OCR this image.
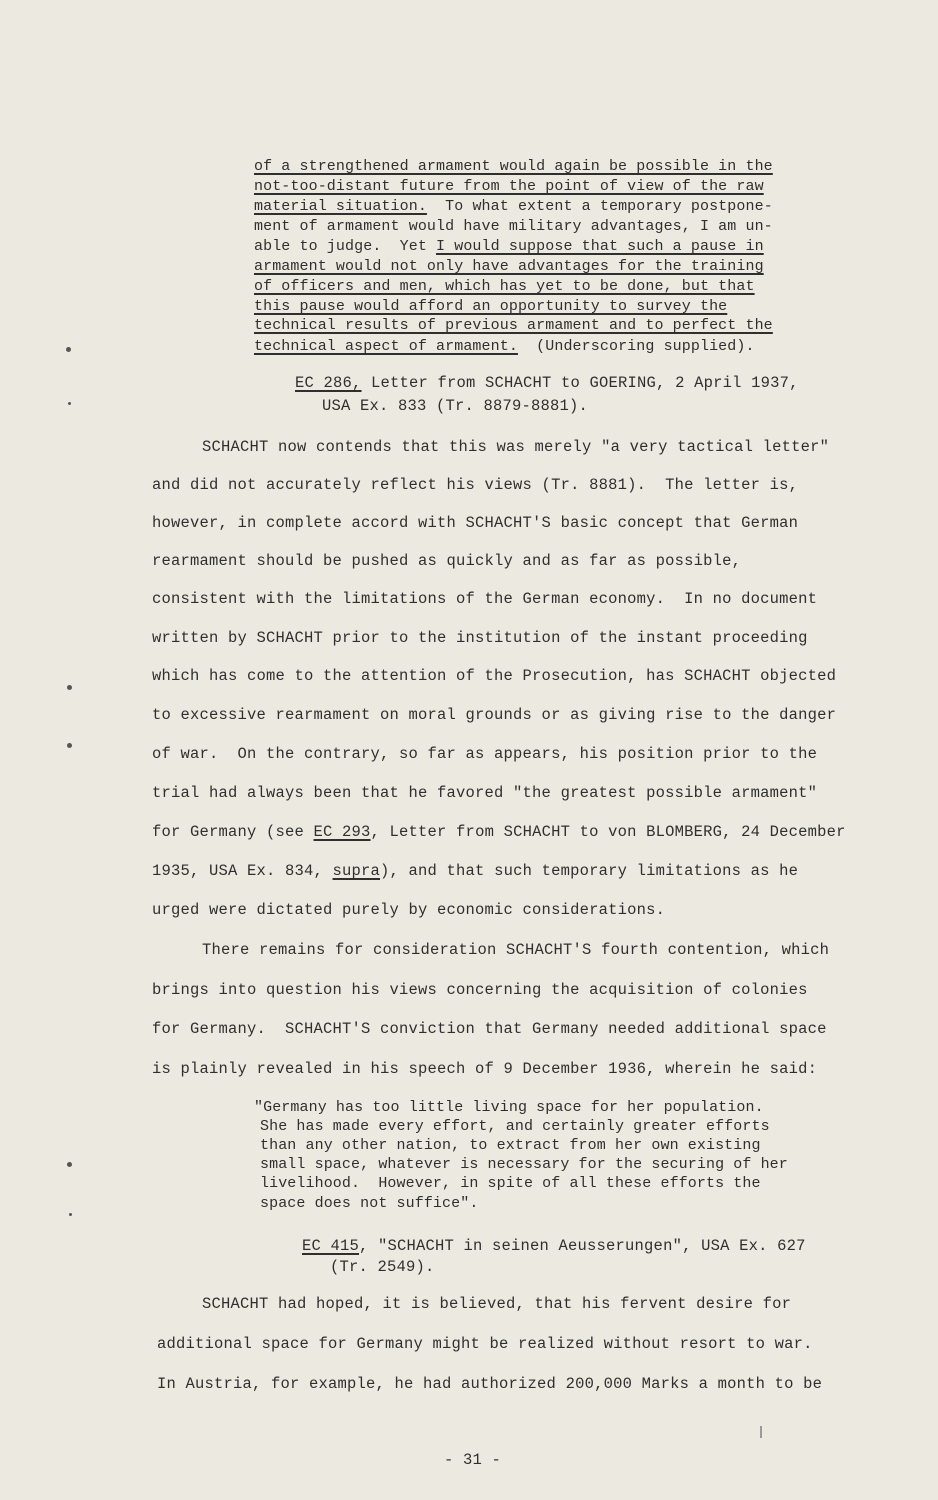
of a strengthened armament would again be possible in the
not-too-distant future from the point of view of the raw
material situation.  To what extent a temporary postpone-
ment of armament would have military advantages, I am un-
able to judge.  Yet I would suppose that such a pause in
armament would not only have advantages for the training
of officers and men, which has yet to be done, but that
this pause would afford an opportunity to survey the
technical results of previous armament and to perfect the
technical aspect of armament.  (Underscoring supplied).
EC 286, Letter from SCHACHT to GOERING, 2 April 1937,
USA Ex. 833 (Tr. 8879-8881).
SCHACHT now contends that this was merely "a very tactical letter"
and did not accurately reflect his views (Tr. 8881).  The letter is,
however, in complete accord with SCHACHT'S basic concept that German
rearmament should be pushed as quickly and as far as possible,
consistent with the limitations of the German economy.  In no document
written by SCHACHT prior to the institution of the instant proceeding
which has come to the attention of the Prosecution, has SCHACHT objected
to excessive rearmament on moral grounds or as giving rise to the danger
of war.  On the contrary, so far as appears, his position prior to the
trial had always been that he favored "the greatest possible armament"
for Germany (see EC 293, Letter from SCHACHT to von BLOMBERG, 24 December
1935, USA Ex. 834, supra), and that such temporary limitations as he
urged were dictated purely by economic considerations.
There remains for consideration SCHACHT'S fourth contention, which
brings into question his views concerning the acquisition of colonies
for Germany.  SCHACHT'S conviction that Germany needed additional space
is plainly revealed in his speech of 9 December 1936, wherein he said:
"Germany has too little living space for her population.
She has made every effort, and certainly greater efforts
than any other nation, to extract from her own existing
small space, whatever is necessary for the securing of her
livelihood.  However, in spite of all these efforts the
space does not suffice".
EC 415, "SCHACHT in seinen Aeusserungen", USA Ex. 627
(Tr. 2549).
SCHACHT had hoped, it is believed, that his fervent desire for
additional space for Germany might be realized without resort to war.
In Austria, for example, he had authorized 200,000 Marks a month to be
- 31 -
